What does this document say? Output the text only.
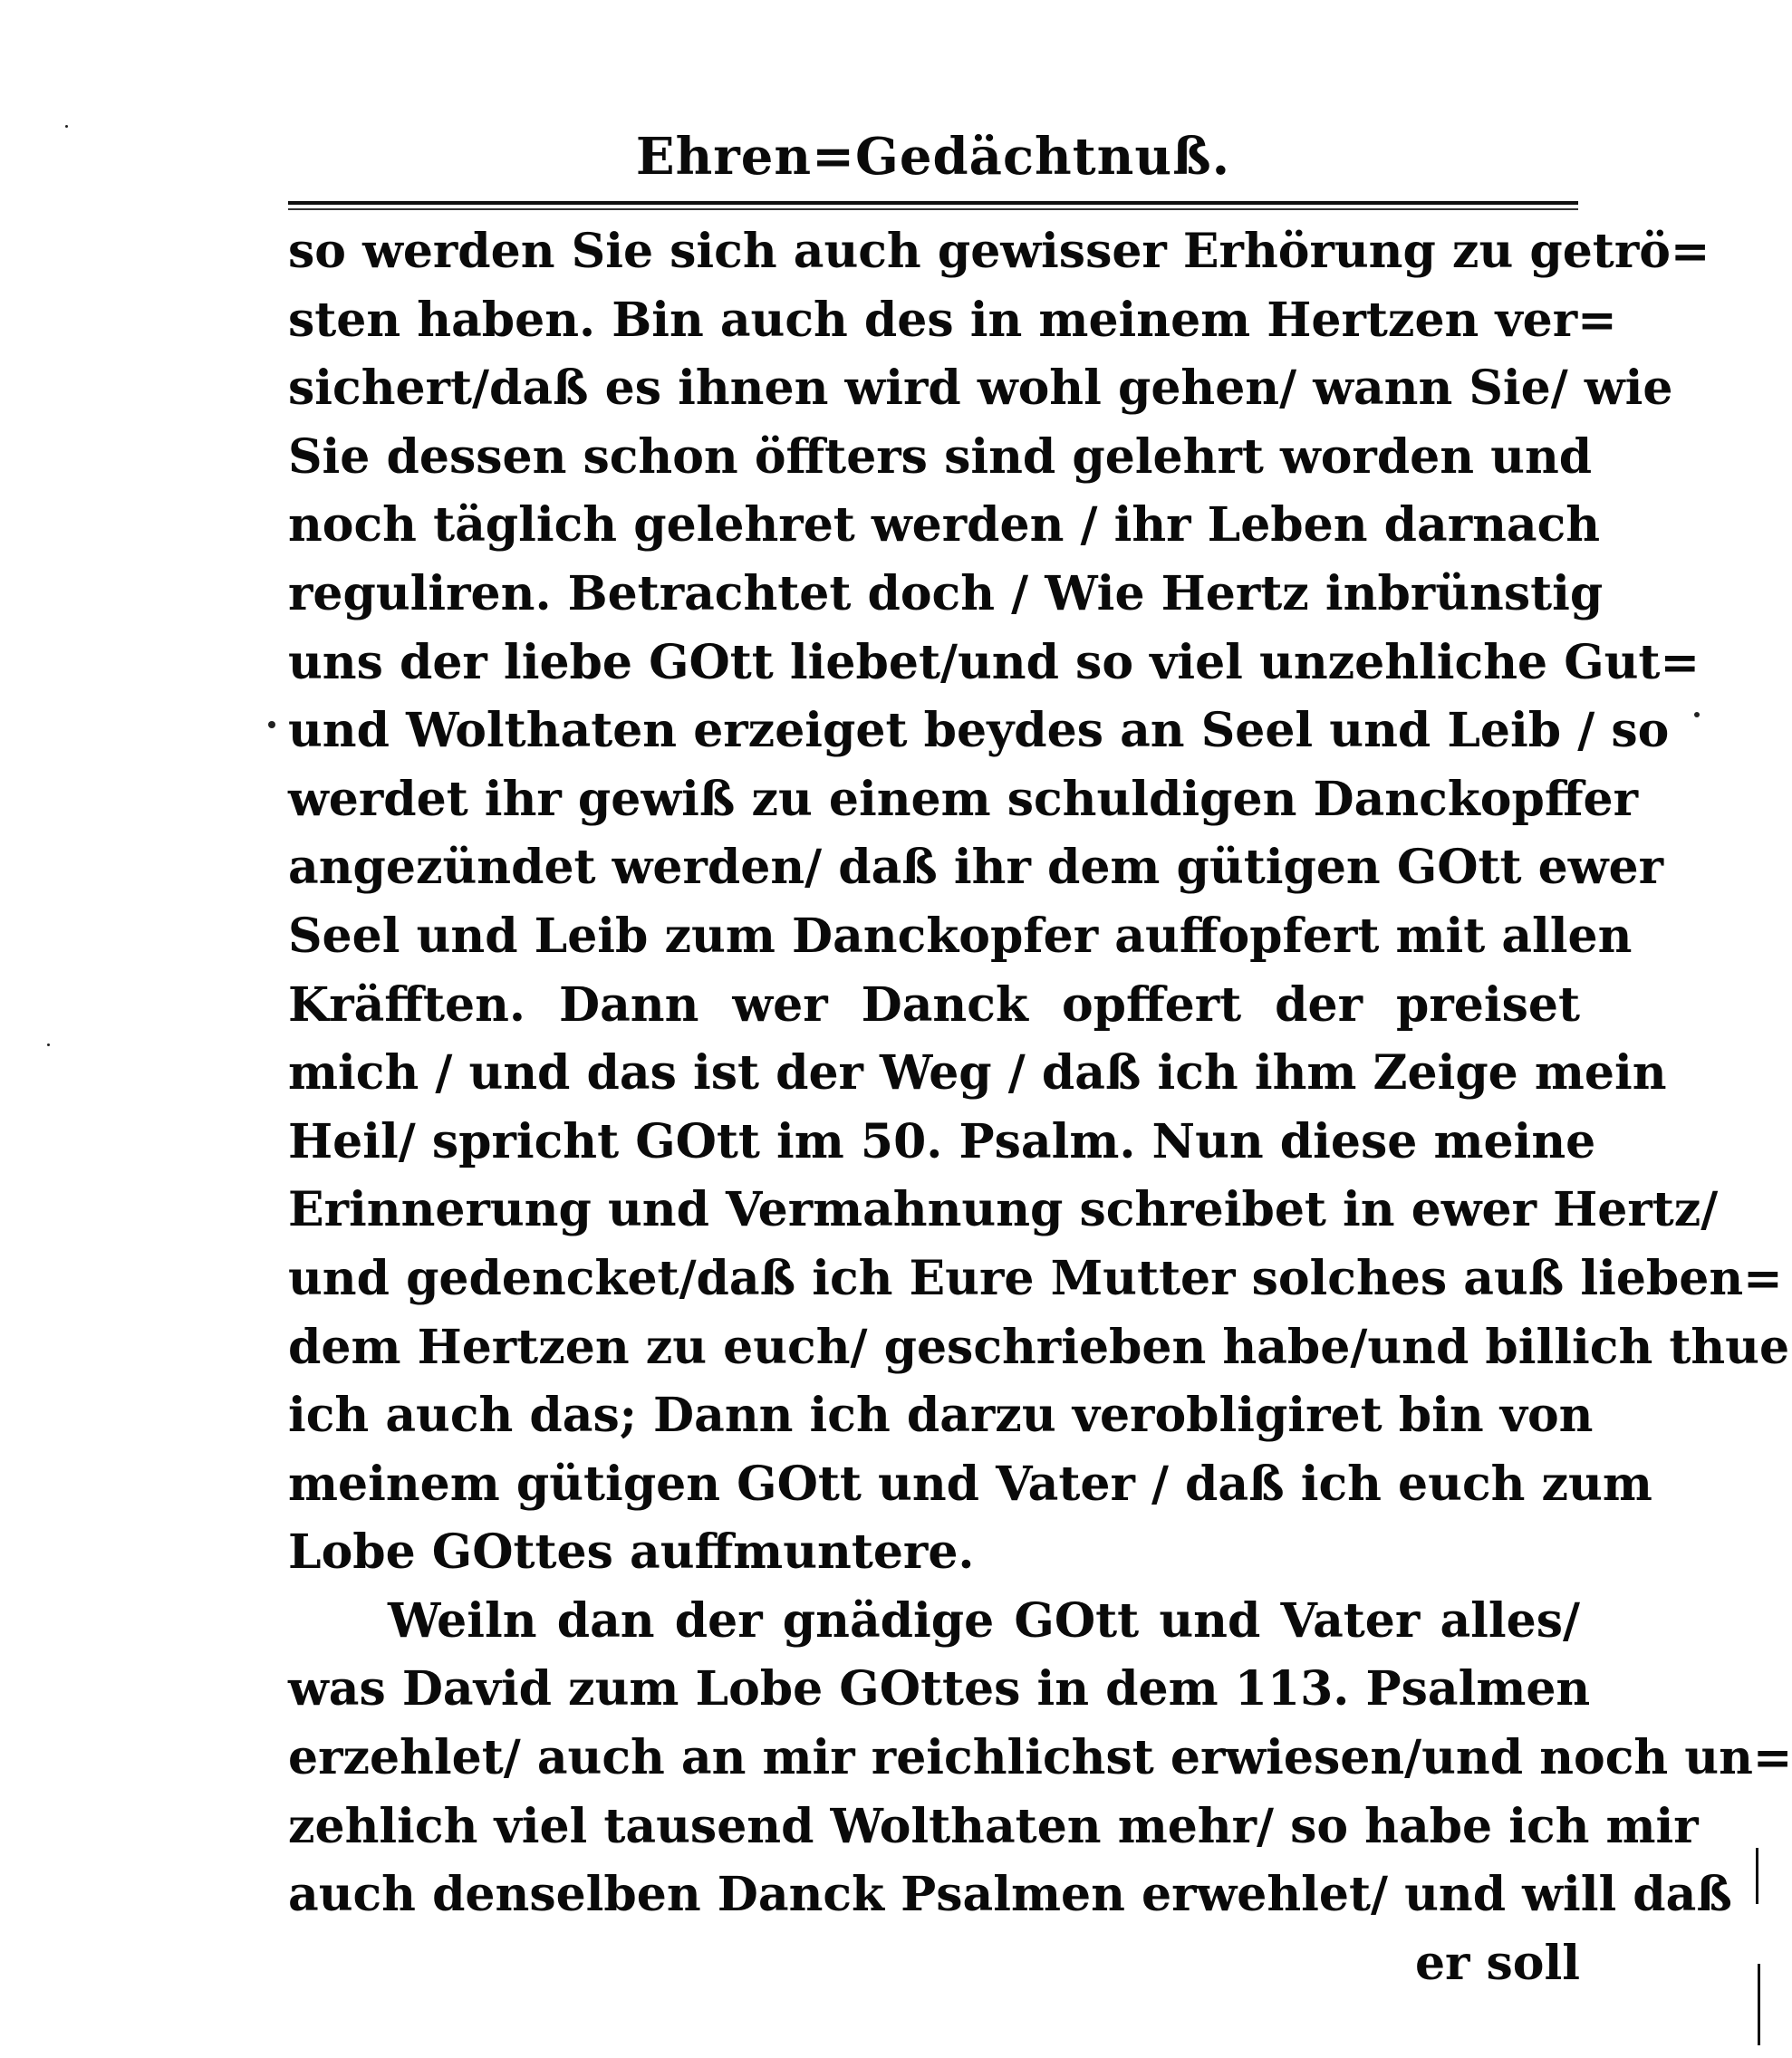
Ehren=Gedächtnuß.
so werden Sie sich auch gewisser Erhörung zu getrö=
sten haben. Bin auch des in meinem Hertzen ver=
sichert/daß es ihnen wird wohl gehen/ wann Sie/ wie
Sie dessen schon öffters sind gelehrt worden und
noch täglich gelehret werden / ihr Leben darnach
reguliren. Betrachtet doch / Wie Hertz inbrünstig
uns der liebe GOtt liebet/und so viel unzehliche Gut=
und Wolthaten erzeiget beydes an Seel und Leib / so
werdet ihr gewiß zu einem schuldigen Danckopffer
angezündet werden/ daß ihr dem gütigen GOtt ewer
Seel und Leib zum Danckopfer auffopfert mit allen
Kräfften. Dann wer Danck opffert der preiset
mich / und das ist der Weg / daß ich ihm Zeige mein
Heil/ spricht GOtt im 50. Psalm. Nun diese meine
Erinnerung und Vermahnung schreibet in ewer Hertz/
und gedencket/daß ich Eure Mutter solches auß lieben=
dem Hertzen zu euch/ geschrieben habe/und billich thue
ich auch das; Dann ich darzu verobligiret bin von
meinem gütigen GOtt und Vater / daß ich euch zum
Lobe GOttes auffmuntere.
Weiln dan der gnädige GOtt und Vater alles/
was David zum Lobe GOttes in dem 113. Psalmen
erzehlet/ auch an mir reichlichst erwiesen/und noch un=
zehlich viel tausend Wolthaten mehr/ so habe ich mir
auch denselben Danck Psalmen erwehlet/ und will daß
er soll
